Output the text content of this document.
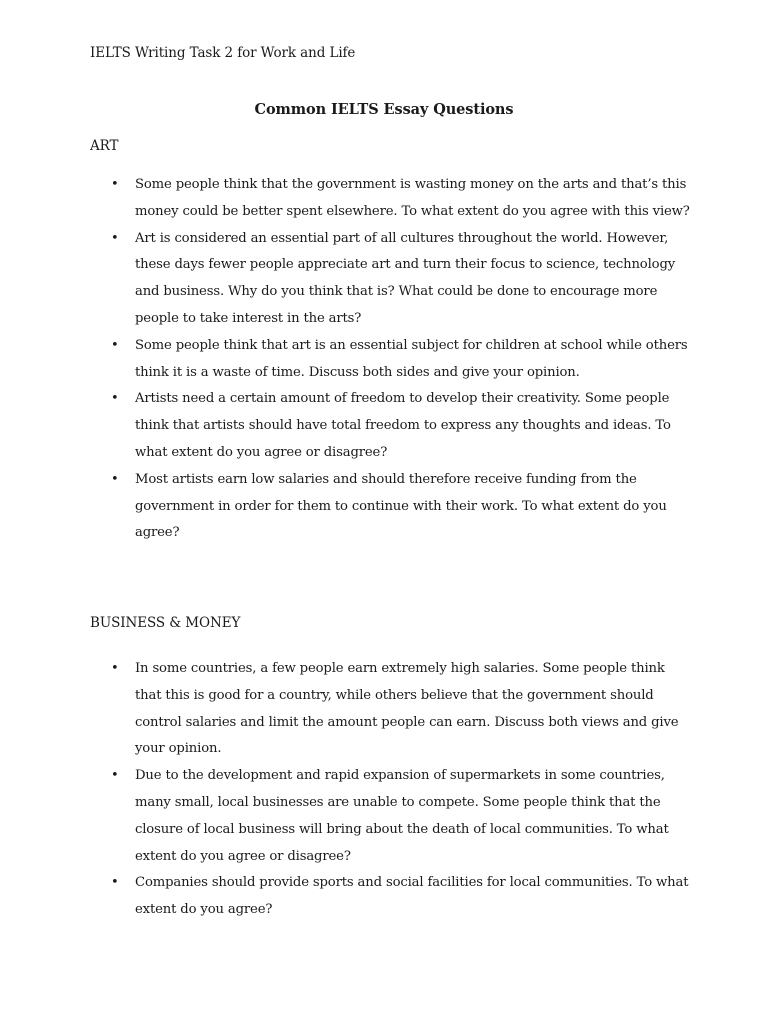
IELTS Writing Task 2 for Work and Life
Common IELTS Essay Questions
ART
• Some people think that the government is wasting money on the arts and that’s this money could be better spent elsewhere. To what extent do you agree with this view?
• Art is considered an essential part of all cultures throughout the world. However, these days fewer people appreciate art and turn their focus to science, technology and business. Why do you think that is? What could be done to encourage more people to take interest in the arts?
• Some people think that art is an essential subject for children at school while others think it is a waste of time. Discuss both sides and give your opinion.
• Artists need a certain amount of freedom to develop their creativity. Some people think that artists should have total freedom to express any thoughts and ideas. To what extent do you agree or disagree?
• Most artists earn low salaries and should therefore receive funding from the government in order for them to continue with their work. To what extent do you agree?
BUSINESS & MONEY
• In some countries, a few people earn extremely high salaries. Some people think that this is good for a country, while others believe that the government should control salaries and limit the amount people can earn. Discuss both views and give your opinion.
• Due to the development and rapid expansion of supermarkets in some countries, many small, local businesses are unable to compete. Some people think that the closure of local business will bring about the death of local communities. To what extent do you agree or disagree?
• Companies should provide sports and social facilities for local communities. To what extent do you agree?
